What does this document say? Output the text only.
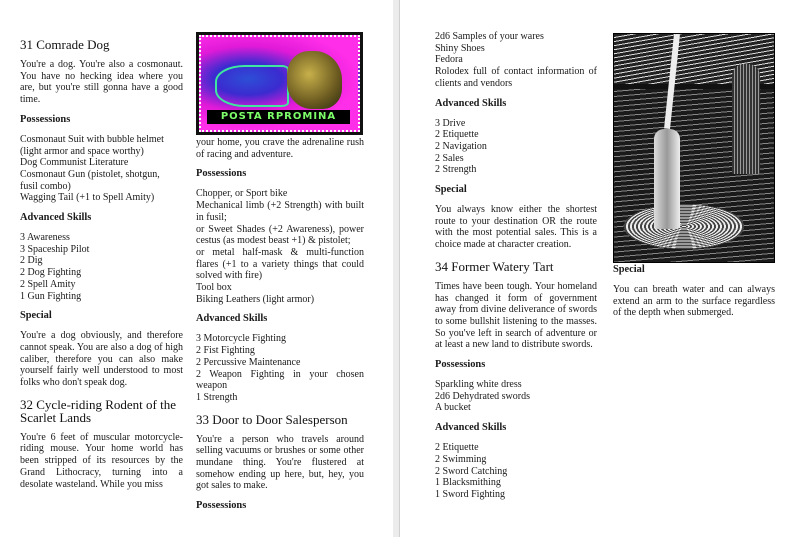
31 Comrade Dog

You're a dog. You're also a cosmonaut. You have no hecking idea where you are, but you're still gonna have a good time.

Possessions
Cosmonaut Suit with bubble helmet
(light armor and space worthy)
Dog Communist Literature
Cosmonaut Gun (pistolet, shotgun,
fusil combo)
Wagging Tail (+1 to Spell Amity)
Advanced Skills
3 Awareness
3 Spaceship Pilot
2 Dig
2 Dog Fighting
2 Spell Amity
1 Gun Fighting
Special

You're a dog obviously, and therefore cannot speak. You are also a dog of high caliber, therefore you can also make yourself fairly well understood to most folks who don't speak dog.

32 Cycle-riding Rodent of the Scarlet Lands

You're 6 feet of muscular motorcycle-riding mouse. Your home world has been stripped of its resources by the Grand Lithocracy, turning into a desolate wasteland. While you miss

POSTA RPROMINA

your home, you crave the adrenaline rush of racing and adventure.

Possessions
Chopper, or Sport bike
Mechanical limb (+2 Strength) with built in fusil;
or Sweet Shades (+2 Awareness), power cestus (as modest beast +1) & pistolet;
or metal half-mask & multi-function flares (+1 to a variety things that could solved with fire)
Tool box
Biking Leathers (light armor)
Advanced Skills
3 Motorcycle Fighting
2 Fist Fighting
2 Percussive Maintenance
2 Weapon Fighting in your chosen weapon
1 Strength
33 Door to Door Salesperson

You're a person who travels around selling vacuums or brushes or some other mundane thing. You're flustered at somehow ending up here, but, hey, you got sales to make.

Possessions
2d6 Samples of your wares
Shiny Shoes
Fedora
Rolodex full of contact information of clients and vendors
Advanced Skills
3 Drive
2 Etiquette
2 Navigation
2 Sales
2 Strength
Special

You always know either the shortest route to your destination OR the route with the most potential sales. This is a choice made at character creation.

34 Former Watery Tart

Times have been tough. Your homeland has changed it form of government away from divine deliverance of swords to some bullshit listening to the masses. So you've left in search of adventure or at least a new land to distribute swords.

Possessions
Sparkling white dress
2d6 Dehydrated swords
A bucket
Advanced Skills
2 Etiquette
2 Swimming
2 Sword Catching
1 Blacksmithing
1 Sword Fighting
Special

You can breath water and can always extend an arm to the surface regardless of the depth when submerged.
